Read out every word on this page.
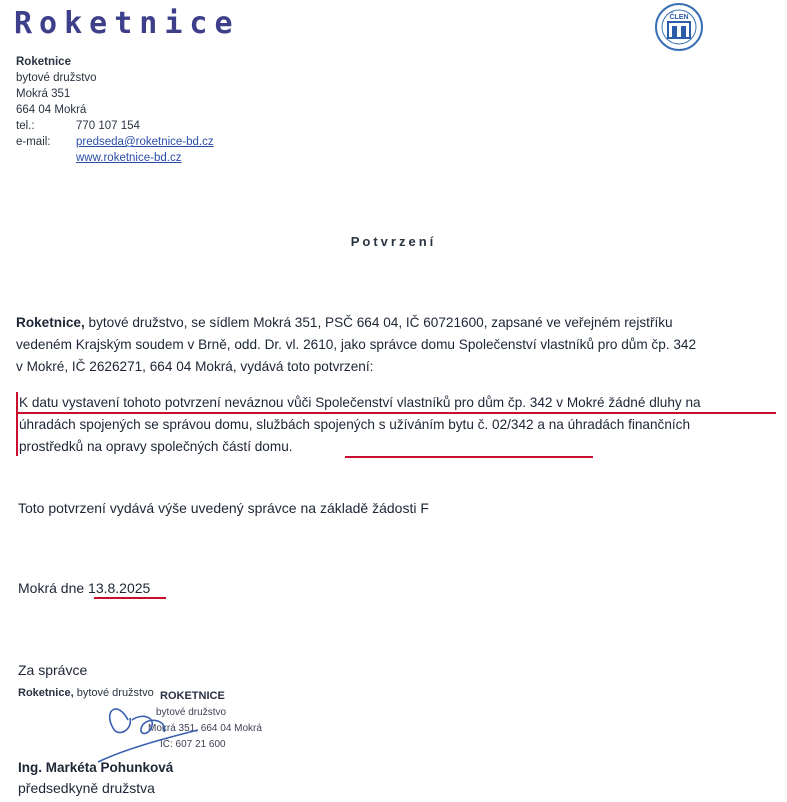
Roketnice	ČLEN
Roketnice
bytové družstvo
Mokrá 351
664 04 Mokrá
tel.:	770 107 154
e-mail: predseda@roketnice-bd.cz
www.roketnice-bd.cz
Potvrzení
Roketnice, bytové družstvo, se sídlem Mokrá 351, PSČ 664 04, IČ 60721600, zapsané ve veřejném rejstříku
vedeném Krajským soudem v Brně, odd. Dr. vl. 2610, jako správce domu Společenství vlastníků pro dům čp. 342
v Mokré, IČ 2626271, 664 04 Mokrá, vydává toto potvrzení:
K datu vystavení tohoto potvrzení neváznou vůči Společenství vlastníků pro dům čp. 342 v Mokré žádné dluhy na
úhradách spojených se správou domu, službách spojených s užíváním bytu č. 02/342 a na úhradách finančních
prostředků na opravy společných částí domu.
Toto potvrzení vydává výše uvedený správce na základě žádosti F
Mokrá dne 13.8.2025
Za správce
Roketnice, bytové družstvo ROKETNICE
bytové družstvo
Mokrá 351, 664 04 Mokrá
IČ: 607 21 600
Ing. Markéta Pohunková
předsedkyně družstva
